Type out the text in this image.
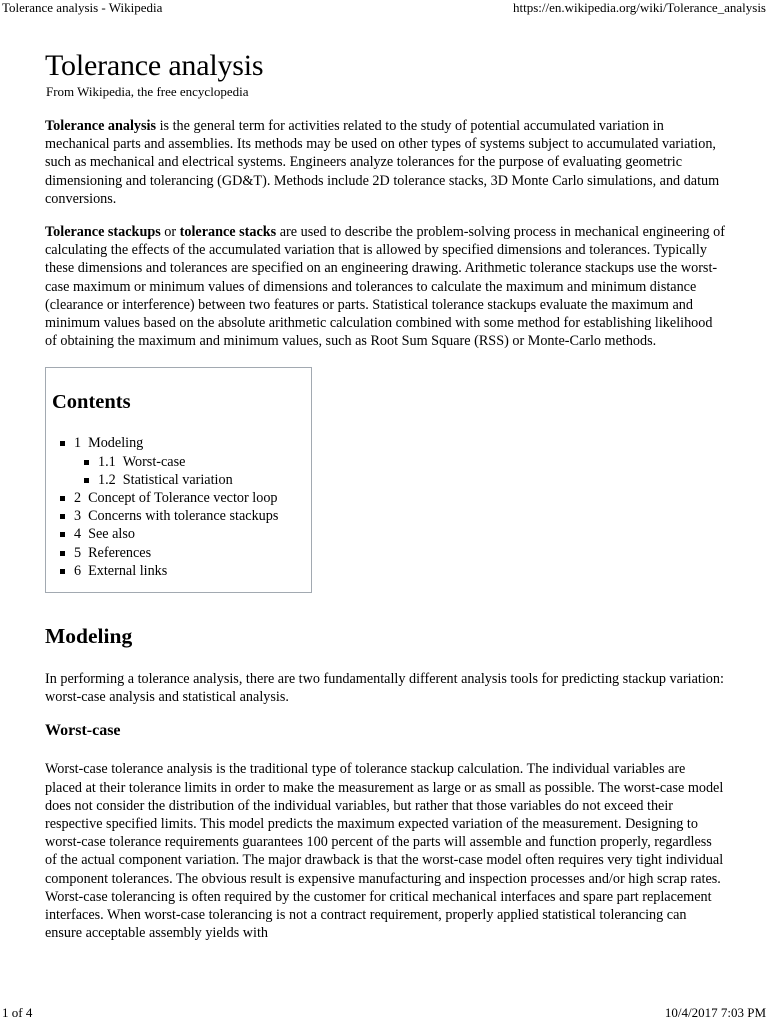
Tolerance analysis - Wikipedia	https://en.wikipedia.org/wiki/Tolerance_analysis
Tolerance analysis
From Wikipedia, the free encyclopedia

Tolerance analysis is the general term for activities related to the study of potential accumulated variation in mechanical parts and assemblies. Its methods may be used on other types of systems subject to accumulated variation, such as mechanical and electrical systems. Engineers analyze tolerances for the purpose of evaluating geometric dimensioning and tolerancing (GD&T). Methods include 2D tolerance stacks, 3D Monte Carlo simulations, and datum conversions.

Tolerance stackups or tolerance stacks are used to describe the problem-solving process in mechanical engineering of calculating the effects of the accumulated variation that is allowed by specified dimensions and tolerances. Typically these dimensions and tolerances are specified on an engineering drawing. Arithmetic tolerance stackups use the worst-case maximum or minimum values of dimensions and tolerances to calculate the maximum and minimum distance (clearance or interference) between two features or parts. Statistical tolerance stackups evaluate the maximum and minimum values based on the absolute arithmetic calculation combined with some method for establishing likelihood of obtaining the maximum and minimum values, such as Root Sum Square (RSS) or Monte-Carlo methods.

Contents
1 Modeling
1.1 Worst-case
1.2 Statistical variation
2 Concept of Tolerance vector loop
3 Concerns with tolerance stackups
4 See also
5 References
6 External links
Modeling

In performing a tolerance analysis, there are two fundamentally different analysis tools for predicting stackup variation: worst-case analysis and statistical analysis.

Worst-case

Worst-case tolerance analysis is the traditional type of tolerance stackup calculation. The individual variables are placed at their tolerance limits in order to make the measurement as large or as small as possible. The worst-case model does not consider the distribution of the individual variables, but rather that those variables do not exceed their respective specified limits. This model predicts the maximum expected variation of the measurement. Designing to worst-case tolerance requirements guarantees 100 percent of the parts will assemble and function properly, regardless of the actual component variation. The major drawback is that the worst-case model often requires very tight individual component tolerances. The obvious result is expensive manufacturing and inspection processes and/or high scrap rates. Worst-case tolerancing is often required by the customer for critical mechanical interfaces and spare part replacement interfaces. When worst-case tolerancing is not a contract requirement, properly applied statistical tolerancing can ensure acceptable assembly yields with

1 of 4	10/4/2017 7:03 PM
